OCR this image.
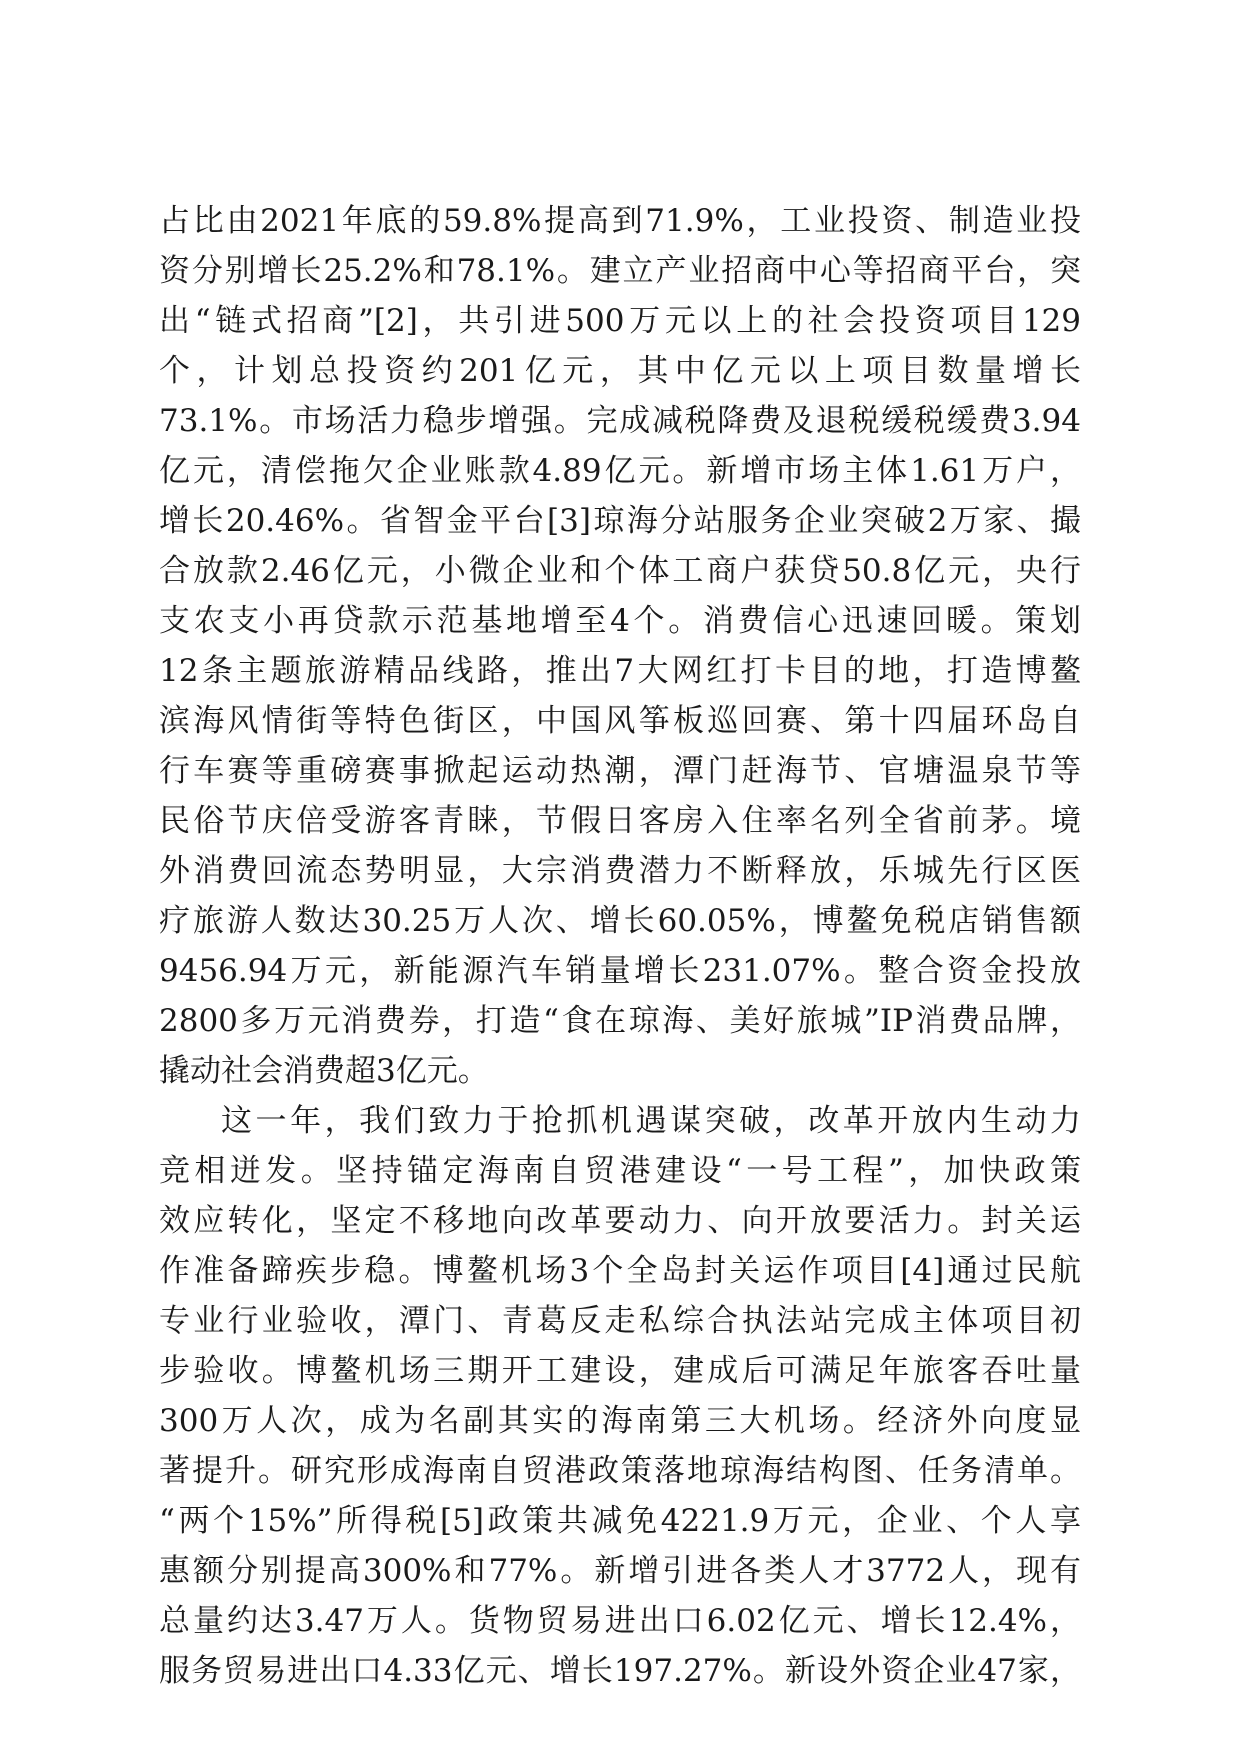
占比由2021年底的59.8%提高到71.9%，工业投资、制造业投
资分别增长25.2%和78.1%。建立产业招商中心等招商平台，突
出“链式招商”[2]，共引进500万元以上的社会投资项目129
个，计划总投资约201亿元，其中亿元以上项目数量增长
73.1%。市场活力稳步增强。完成减税降费及退税缓税缓费3.94
亿元，清偿拖欠企业账款4.89亿元。新增市场主体1.61万户，
增长20.46%。省智金平台[3]琼海分站服务企业突破2万家、撮
合放款2.46亿元，小微企业和个体工商户获贷50.8亿元，央行
支农支小再贷款示范基地增至4个。消费信心迅速回暖。策划
12条主题旅游精品线路，推出7大网红打卡目的地，打造博鳌
滨海风情街等特色街区，中国风筝板巡回赛、第十四届环岛自
行车赛等重磅赛事掀起运动热潮，潭门赶海节、官塘温泉节等
民俗节庆倍受游客青睐，节假日客房入住率名列全省前茅。境
外消费回流态势明显，大宗消费潜力不断释放，乐城先行区医
疗旅游人数达30.25万人次、增长60.05%，博鳌免税店销售额
9456.94万元，新能源汽车销量增长231.07%。整合资金投放
2800多万元消费券，打造“食在琼海、美好旅城”IP消费品牌，
撬动社会消费超3亿元。
这一年，我们致力于抢抓机遇谋突破，改革开放内生动力
竞相迸发。坚持锚定海南自贸港建设“一号工程”，加快政策
效应转化，坚定不移地向改革要动力、向开放要活力。封关运
作准备蹄疾步稳。博鳌机场3个全岛封关运作项目[4]通过民航
专业行业验收，潭门、青葛反走私综合执法站完成主体项目初
步验收。博鳌机场三期开工建设，建成后可满足年旅客吞吐量
300万人次，成为名副其实的海南第三大机场。经济外向度显
著提升。研究形成海南自贸港政策落地琼海结构图、任务清单。
“两个15%”所得税[5]政策共减免4221.9万元，企业、个人享
惠额分别提高300%和77%。新增引进各类人才3772人，现有
总量约达3.47万人。货物贸易进出口6.02亿元、增长12.4%，
服务贸易进出口4.33亿元、增长197.27%。新设外资企业47家，
